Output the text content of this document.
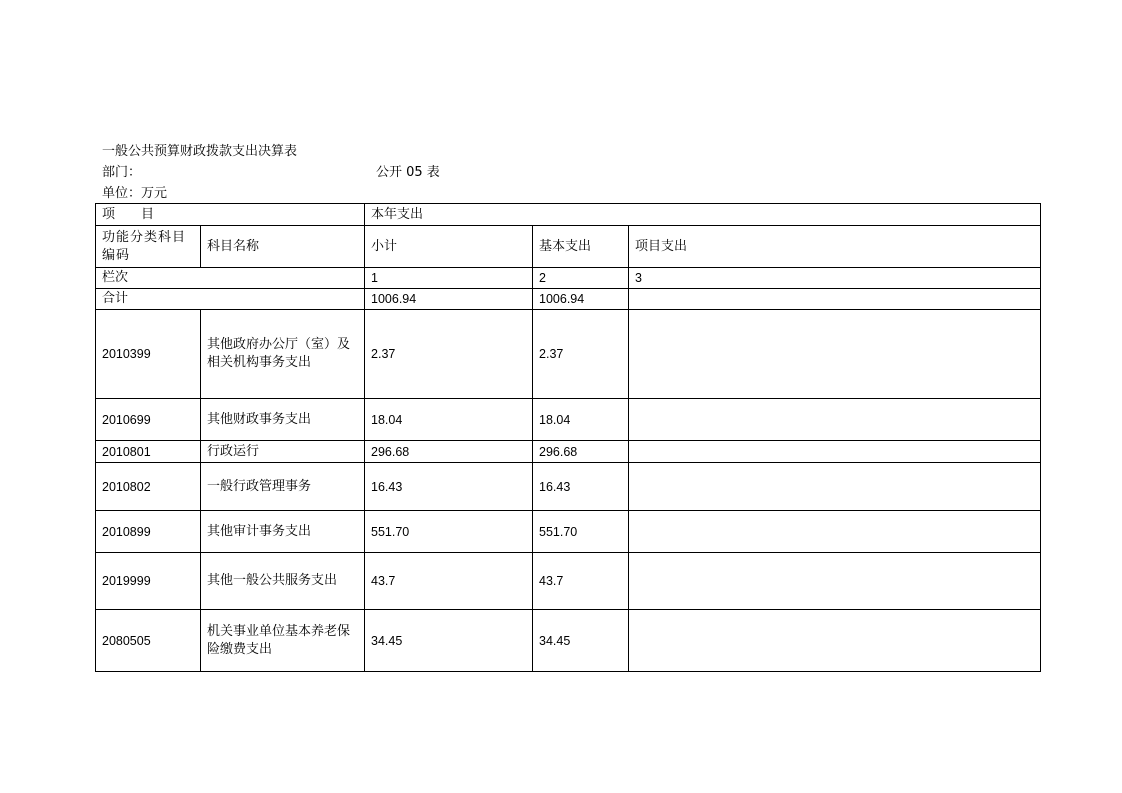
一般公共预算财政拨款支出决算表
部门：	公开 05 表
单位：万元
项　　目		本年支出		
功能分类科目编码	科目名称	小计	基本支出	项目支出
栏次		1	2	3
合计		1006.94	1006.94	
2010399	其他政府办公厅（室）及相关机构事务支出	2.37	2.37	
2010699	其他财政事务支出	18.04	18.04	
2010801	行政运行	296.68	296.68	
2010802	一般行政管理事务	16.43	16.43	
2010899	其他审计事务支出	551.70	551.70	
2019999	其他一般公共服务支出	43.7	43.7	
2080505	机关事业单位基本养老保险缴费支出	34.45	34.45	
